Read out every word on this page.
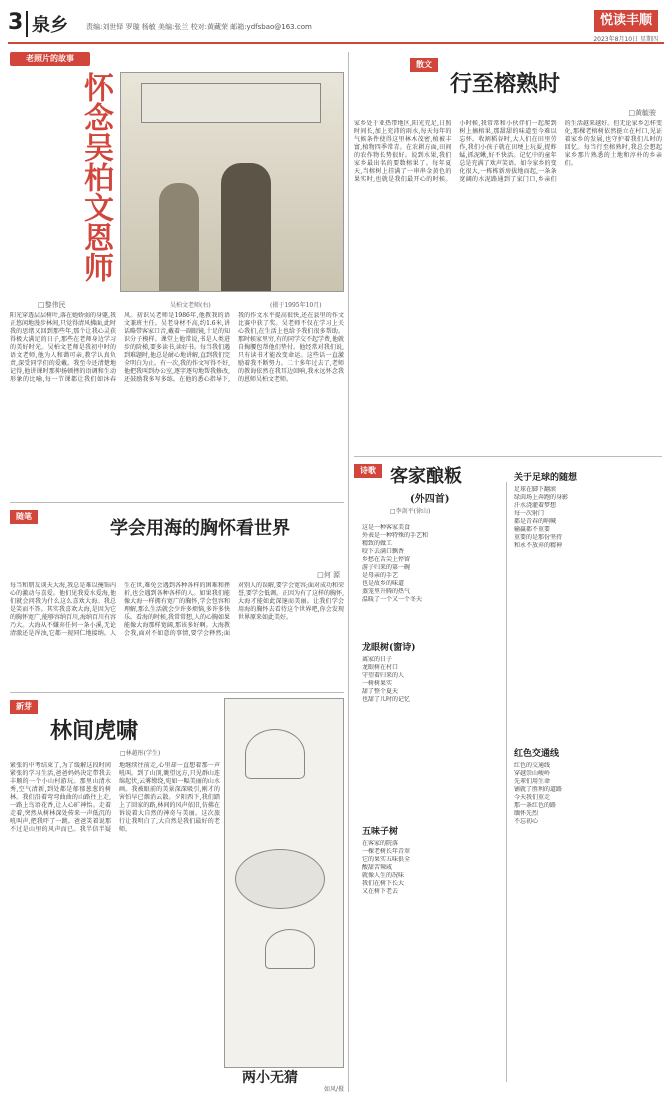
3 泉乡	责编:刘世铎 罗璇 杨敏 美编:张兰 校对:黄藏荣 邮箱:ydfsbao@163.com	悦读丰顺
2023年8月10日 星期四
老照片的故事
怀念吴柏文恩师
□黎伟民	吴柏文老师(右)	(摄于1995年10月)
阳光穿透层层树叶,落在她娇弱的身躯,我正悠闲地漫步林间,只觉得清风拂面,此时我的思绪又回到那些年,那个让我心灵获得极大满足的日子,那些在老师身边学习的美好时光。吴柏文老师是我初中时的语文老师,他为人和蔼可亲,教学认真负责,深受同学们的爱戴。我至今还清楚地记得,他讲课时那抑扬顿挫的语调和生动形象的比喻,每一节课都让我们如沐春风。初识吴老师是1986年,他教我的语文兼班主任。吴老身材不高,约1.6米,讲话略带客家口音,戴着一副眼镜,十足的知识分子模样。课堂上他常说,书是人类进步的阶梯,要多读书,读好书。每当我们遇到难题时,他总是耐心地讲解,直到我们完全明白为止。有一次,我的作文写得不好,他把我叫到办公室,逐字逐句地帮我修改,还鼓励我多写多练。在他的悉心指导下,我的作文水平提高很快,还在县里的作文比赛中获了奖。吴老师不仅在学习上关心我们,在生活上也给予我们很多帮助。那时候家里穷,有的同学交不起学费,他就自掏腰包帮他们垫付。他经常对我们说,只有读书才能改变命运。这些话一直激励着我不断努力。二十多年过去了,老师的教诲依然在我耳边回响,我永远怀念我的恩师吴柏文老师。
散文
行至榕熟时
□黄毓骏
家乡处于亚热带地区,阳光充足,日照时间长,加上充沛的雨水,每天每年的气候条件使得这里林木茂密,植被丰富,植物四季常青。在农耕方面,田间的农作物长势很好。说到水果,我们家乡最出名的要数榕果了。每年夏天,当榕树上挂满了一串串金黄色的果实时,也就是我们最开心的时候。小时候,我常常和小伙伴们一起爬到树上摘榕果,那甜甜的味道至今难以忘怀。收割稻谷时,大人们在田里劳作,我们小孩子就在田埂上玩耍,捉蚱蜢,抓泥鳅,好不快活。记忆中的童年总是充满了欢声笑语。如今家乡的变化很大,一栋栋新房拔地而起,一条条宽阔的水泥路通到了家门口,乡亲们的生活越来越好。但无论家乡怎样变化,那棵老榕树依然挺立在村口,见证着家乡的发展,也守护着我们儿时的回忆。每当行至榕熟时,我总会想起家乡那片熟悉的土地和淳朴的乡亲们。
随笔
学会用海的胸怀看世界
□何 源
每当和朋友谈天大海,我总是难以掩饰内心的激动与喜爱。他们见我爱水爱海,他们就会问我为什么这么喜欢大海。我总是笑而不答。其实我喜欢大海,是因为它的胸怀宽广,能够容纳百川,海纳百川有容乃大。大海从不嫌弃任何一条小溪,无论清澈还是浑浊,它都一视同仁地接纳。人生在世,难免会遇到各种各样的困难和挫折,也会遇到各种各样的人。如果我们能像大海一样拥有宽广的胸怀,学会包容和理解,那么生活就会少许多烦恼,多许多快乐。看海的时候,我常常想,人的心胸如果能像大海那样宽阔,那该多好啊。大海教会我,面对不如意的事情,要学会释然;面对别人的误解,要学会宽容;面对成功和荣誉,要学会低调。正因为有了这样的胸怀,大海才能如此深邃而美丽。让我们学会用海的胸怀去看待这个世界吧,你会发现世界原来如此美好。
新芽
林间虎啸
□林越彤(学生)
紧张的中考结束了,为了缓解这段时间紧张的学习生活,爸爸妈妈决定带我去丰顺的一个小山村游玩。那里山清水秀,空气清新,到处都是郁郁葱葱的树林。我们沿着弯弯曲曲的山路往上走,一路上鸟语花香,让人心旷神怡。走着走着,突然从树林深处传来一声低沉的吼叫声,把我吓了一跳。爸爸笑着说那不过是山里的风声而已。我半信半疑地继续往前走,心里却一直想着那一声吼叫。到了山顶,眺望远方,只见群山连绵起伏,云雾缭绕,宛如一幅美丽的山水画。我被眼前的美景深深吸引,刚才的害怕早已烟消云散。夕阳西下,我们踏上了回家的路,林间的风声依旧,仿佛在诉说着大自然的神奇与美丽。这次旅行让我明白了,大自然是我们最好的老师。
两小无猜
如风/摄
诗歌 客家酿粄
(外四首)
□李剑平(徐山)
这是一种客家美食
外表是一种特殊的手艺和
精致的做工
咬下去满口飘香
乡愁在舌尖上停留
游子归来的第一碗
是母亲的手艺
也是故乡的味道
蒸笼里升腾的热气
温暖了一个又一个冬天
龙眼树(窗诗)
离家的日子
龙眼树在村口
守望着归来的人
一树树果实
甜了整个夏天
也甜了儿时的记忆
五味子树
在客家的院落
一棵老树长年青翠
它的果实五味俱全
酸甜苦辣咸
就像人生的况味
我们在树下长大
又在树下老去
关于足球的随想
足球在脚下翻滚
绿茵场上奔跑的身影
汗水浇灌着梦想
每一次射门
都是青春的呐喊
输赢都不重要
重要的是那份坚持
和永不放弃的精神
红色交通线
红色的交通线
穿越崇山峻岭
先辈们用生命
铺就了胜利的道路
今天我们重走
那一条红色的路
缅怀先烈
不忘初心
